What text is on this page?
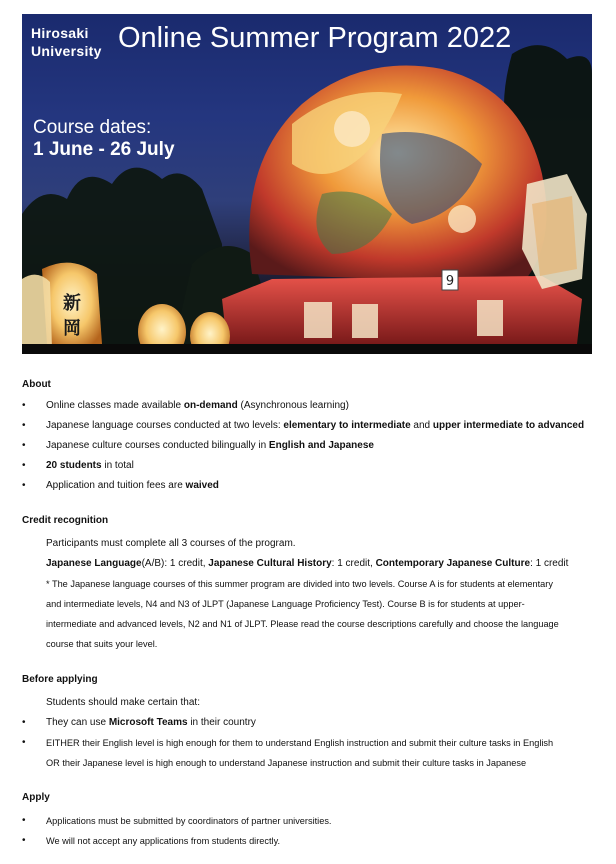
9
新
岡
Hirosaki
University Online Summer Program 2022
Course dates:
1 June - 26 July
About
• Online classes made available on-demand (Asynchronous learning)
• Japanese language courses conducted at two levels: elementary to intermediate and upper intermediate to advanced
• Japanese culture courses conducted bilingually in English and Japanese
• 20 students in total
• Application and tuition fees are waived
Credit recognition
Participants must complete all 3 courses of the program.
Japanese Language(A/B): 1 credit, Japanese Cultural History: 1 credit, Contemporary Japanese Culture: 1 credit
* The Japanese language courses of this summer program are divided into two levels. Course A is for students at elementary
and intermediate levels, N4 and N3 of JLPT (Japanese Language Proficiency Test). Course B is for students at upper-
intermediate and advanced levels, N2 and N1 of JLPT. Please read the course descriptions carefully and choose the language
course that suits your level.
Before applying
Students should make certain that:
• They can use Microsoft Teams in their country
• EITHER their English level is high enough for them to understand English instruction and submit their culture tasks in English
OR their Japanese level is high enough to understand Japanese instruction and submit their culture tasks in Japanese
Apply
• Applications must be submitted by coordinators of partner universities.
• We will not accept any applications from students directly.
